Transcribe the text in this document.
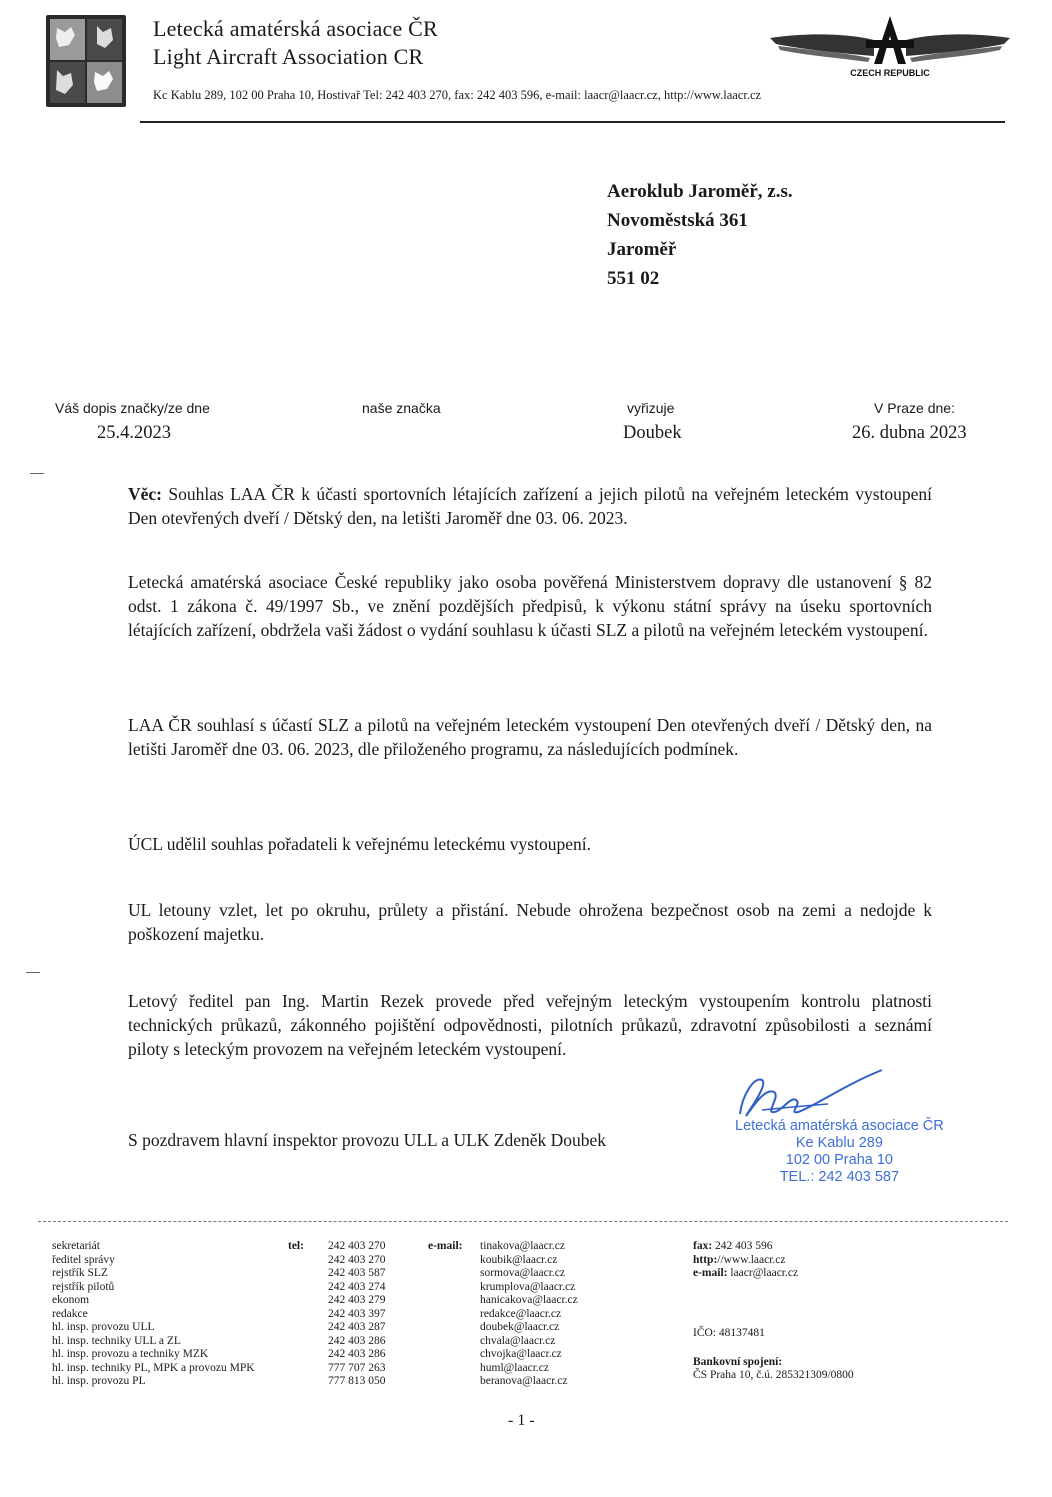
Letecká amatérská asociace ČR
Light Aircraft Association CR
Kc Kablu 289, 102 00 Praha 10, Hostivař Tel: 242 403 270, fax: 242 403 596, e-mail: laacr@laacr.cz, http://www.laacr.cz
CZECH REPUBLIC
Aeroklub Jaroměř, z.s.
Novoměstská 361
Jaroměř
551 02
Váš dopis značky/ze dne
25.4.2023
naše značka	vyřizuje
Doubek
V Praze dne:
26. dubna 2023
Věc: Souhlas LAA ČR k účasti sportovních létajících zařízení a jejich pilotů na veřejném leteckém vystoupení Den otevřených dveří / Dětský den, na letišti Jaroměř dne 03. 06. 2023.
Letecká amatérská asociace České republiky jako osoba pověřená Ministerstvem dopravy dle ustanovení § 82 odst. 1 zákona č. 49/1997 Sb., ve znění pozdějších předpisů, k výkonu státní správy na úseku sportovních létajících zařízení, obdržela vaši žádost o vydání souhlasu k účasti SLZ a pilotů na veřejném leteckém vystoupení.
LAA ČR souhlasí s účastí SLZ a pilotů na veřejném leteckém vystoupení Den otevřených dveří / Dětský den, na letišti Jaroměř dne 03. 06. 2023, dle přiloženého programu, za následujících podmínek.
ÚCL udělil souhlas pořadateli k veřejnému leteckému vystoupení.
UL letouny vzlet, let po okruhu, průlety a přistání. Nebude ohrožena bezpečnost osob na zemi a nedojde k poškození majetku.
Letový ředitel pan Ing. Martin Rezek provede před veřejným leteckým vystoupením kontrolu platnosti technických průkazů, zákonného pojištění odpovědnosti, pilotních průkazů, zdravotní způsobilosti a seznámí piloty s leteckým provozem na veřejném leteckém vystoupení.
S pozdravem hlavní inspektor provozu ULL a ULK Zdeněk Doubek
Letecká amatérská asociace ČR
Ke Kablu 289
102 00 Praha 10
TEL.: 242 403 587
sekretariát
ředitel správy
rejstřík SLZ
rejstřík pilotů
ekonom
redakce
hl. insp. provozu ULL
hl. insp. techniky ULL a ZL
hl. insp. provozu a techniky MZK
hl. insp. techniky PL, MPK a provozu MPK
hl. insp. provozu PL
tel: 242 403 270
242 403 270
242 403 587
242 403 274
242 403 279
242 403 397
242 403 287
242 403 286
242 403 286
777 707 263
777 813 050
e-mail: tinakova@laacr.cz
koubik@laacr.cz
sormova@laacr.cz
krumplova@laacr.cz
hanicakova@laacr.cz
redakce@laacr.cz
doubek@laacr.cz
chvala@laacr.cz
chvojka@laacr.cz
huml@laacr.cz
beranova@laacr.cz
fax: 242 403 596
http://www.laacr.cz
e-mail: laacr@laacr.cz
IČO: 48137481
Bankovní spojení:
ČS Praha 10, č.ú. 285321309/0800
- 1 -
